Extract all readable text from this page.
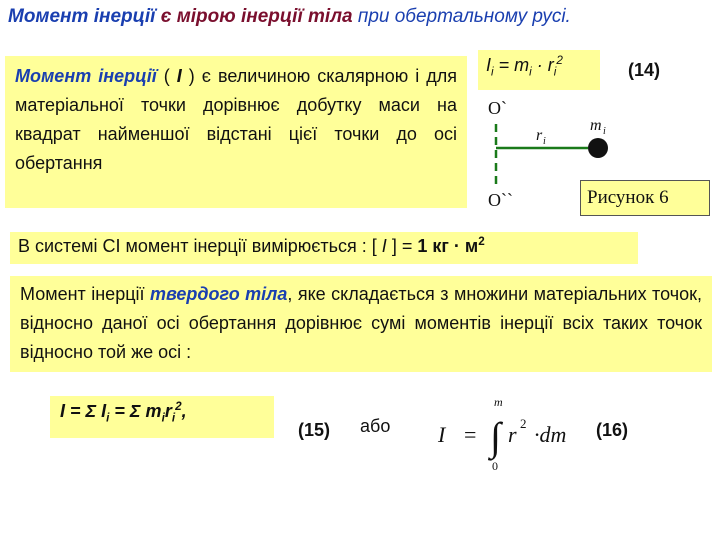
Момент інерції є мірою інерції тіла при обертальному русі.
Момент інерції ( I ) є величиною скалярною і для матеріальної точки дорівнює добутку маси на квадрат найменшої відстані цієї точки до осі обертання
$I_i = m_i \cdot r_i^2$	(14)
O`
O``
r i
m i
Рисунок 6
В системі СІ момент інерції вимірюється : [ I ] = 1 кг · $м^2$
Момент інерції твердого тіла, яке складається з множини матеріальних точок, відносно даної осі обертання дорівнює сумі моментів інерції всіх таких точок відносно той же осі :
I = Σ $I_i = \Sigma$ $m_ir_i^2$,
(15) або I = ∫
m
0
r 2 ·dm (16)
